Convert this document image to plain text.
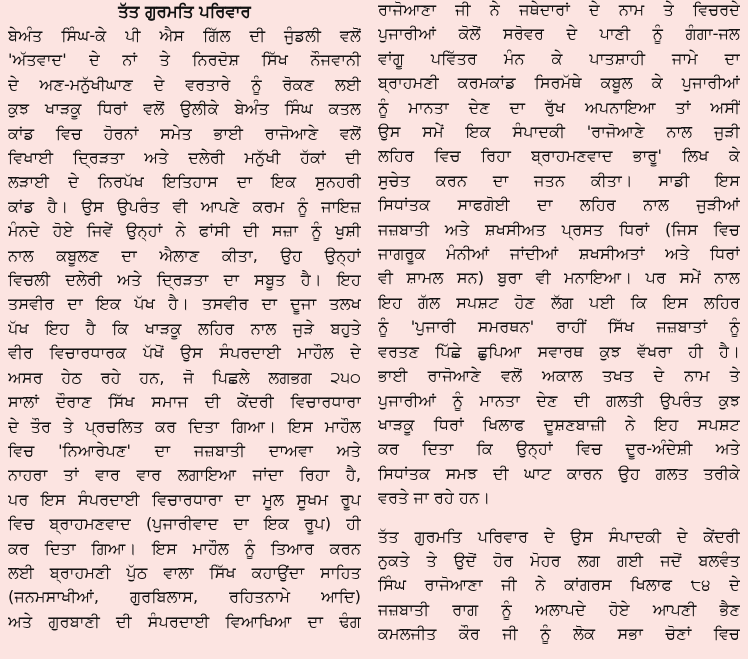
ਤੱਤ ਗੁਰਮਤਿ ਪਰਿਵਾਰ
ਬੇਅੰਤ ਸਿੰਘ-ਕੇ ਪੀ ਐਸ ਗਿੱਲ ਦੀ ਜੁੰਡਲੀ ਵਲੋਂ
'ਅੱਤਵਾਦ' ਦੇ ਨਾਂ ਤੇ ਨਿਰਦੋਸ਼ ਸਿੱਖ ਨੌਜਵਾਨੀ
ਦੇ ਅਣ-ਮਨੁੱਖੀਘਾਣ ਦੇ ਵਰਤਾਰੇ ਨੂੰ ਰੋਕਣ ਲਈ
ਕੁਝ ਖਾੜਕੂ ਧਿਰਾਂ ਵਲੋਂ ਉਲੀਕੇ ਬੇਅੰਤ ਸਿੰਘ ਕਤਲ
ਕਾਂਡ ਵਿਚ ਹੋਰਨਾਂ ਸਮੇਤ ਭਾਈ ਰਾਜੋਆਣੇ ਵਲੋਂ
ਵਿਖਾਈ ਦ੍ਰਿੜਤਾ ਅਤੇ ਦਲੇਰੀ ਮਨੁੱਖੀ ਹੱਕਾਂ ਦੀ
ਲੜਾਈ ਦੇ ਨਿਰਪੱਖ ਇਤਿਹਾਸ ਦਾ ਇਕ ਸੁਨਹਰੀ
ਕਾਂਡ ਹੈ। ਉਸ ਉਪਰੰਤ ਵੀ ਆਪਣੇ ਕਰਮ ਨੂੰ ਜਾਇਜ਼
ਮੰਨਦੇ ਹੋਏ ਜਿਵੇਂ ਉਨ੍ਹਾਂ ਨੇ ਫਾਂਸੀ ਦੀ ਸਜ਼ਾ ਨੂੰ ਖੁਸ਼ੀ
ਨਾਲ ਕਬੂਲਣ ਦਾ ਐਲਾਣ ਕੀਤਾ, ਉਹ ਉਨ੍ਹਾਂ
ਵਿਚਲੀ ਦਲੇਰੀ ਅਤੇ ਦ੍ਰਿੜਤਾ ਦਾ ਸਬੂਤ ਹੈ। ਇਹ
ਤਸਵੀਰ ਦਾ ਇਕ ਪੱਖ ਹੈ। ਤਸਵੀਰ ਦਾ ਦੂਜਾ ਤਲਖ
ਪੱਖ ਇਹ ਹੈ ਕਿ ਖਾੜਕੂ ਲਹਿਰ ਨਾਲ ਜੁੜੇ ਬਹੁਤੇ
ਵੀਰ ਵਿਚਾਰਧਾਰਕ ਪੱਖੋਂ ਉਸ ਸੰਪਰਦਾਈ ਮਾਹੌਲ ਦੇ
ਅਸਰ ਹੇਠ ਰਹੇ ਹਨ, ਜੋ ਪਿਛਲੇ ਲਗਭਗ ੨੫੦
ਸਾਲਾਂ ਦੌਰਾਣ ਸਿੱਖ ਸਮਾਜ ਦੀ ਕੇਂਦਰੀ ਵਿਚਾਰਧਾਰਾ
ਦੇ ਤੌਰ ਤੇ ਪ੍ਰਚਲਿਤ ਕਰ ਦਿਤਾ ਗਿਆ। ਇਸ ਮਾਹੌਲ
ਵਿਚ 'ਨਿਆਰੇਪਣ' ਦਾ ਜਜ਼ਬਾਤੀ ਦਾਅਵਾ ਅਤੇ
ਨਾਹਰਾ ਤਾਂ ਵਾਰ ਵਾਰ ਲਗਾਇਆ ਜਾਂਦਾ ਰਿਹਾ ਹੈ,
ਪਰ ਇਸ ਸੰਪਰਦਾਈ ਵਿਚਾਰਧਾਰਾ ਦਾ ਮੂਲ ਸੂਖਮ ਰੂਪ
ਵਿਚ ਬ੍ਰਾਹਮਣਵਾਦ (ਪੁਜਾਰੀਵਾਦ ਦਾ ਇਕ ਰੂਪ) ਹੀ
ਕਰ ਦਿਤਾ ਗਿਆ। ਇਸ ਮਾਹੌਲ ਨੂੰ ਤਿਆਰ ਕਰਨ
ਲਈ ਬ੍ਰਾਹਮਣੀ ਪੁੱਠ ਵਾਲਾ ਸਿੱਖ ਕਹਾਉਂਦਾ ਸਾਹਿਤ
(ਜਨਮਸਾਖੀਆਂ, ਗੁਰਬਿਲਾਸ, ਰਹਿਤਨਾਮੇ ਆਦਿ)
ਅਤੇ ਗੁਰਬਾਣੀ ਦੀ ਸੰਪਰਦਾਈ ਵਿਆਖਿਆ ਦਾ ਢੰਗ
ਰਾਜੋਆਣਾ ਜੀ ਨੇ ਜਥੇਦਾਰਾਂ ਦੇ ਨਾਮ ਤੇ ਵਿਚਰਦੇ
ਪੁਜਾਰੀਆਂ ਕੋਲੋਂ ਸਰੋਵਰ ਦੇ ਪਾਣੀ ਨੂੰ ਗੰਗਾ-ਜਲ
ਵਾਂਗੂ ਪਵਿੱਤਰ ਮੰਨ ਕੇ ਪਾਤਸ਼ਾਹੀ ਜਾਮੇ ਦਾ
ਬ੍ਰਾਹਮਣੀ ਕਰਮਕਾਂਡ ਸਿਰਮੱਥੇ ਕਬੂਲ ਕੇ ਪੁਜਾਰੀਆਂ
ਨੂੰ ਮਾਨਤਾ ਦੇਣ ਦਾ ਰੁੱਖ ਅਪਨਾਇਆ ਤਾਂ ਅਸੀਂ
ਉਸ ਸਮੇਂ ਇਕ ਸੰਪਾਦਕੀ 'ਰਾਜੋਆਣੇ ਨਾਲ ਜੁੜੀ
ਲਹਿਰ ਵਿਚ ਰਿਹਾ ਬ੍ਰਾਹਮਣਵਾਦ ਭਾਰੂ' ਲਿਖ ਕੇ
ਸੁਚੇਤ ਕਰਨ ਦਾ ਜਤਨ ਕੀਤਾ। ਸਾਡੀ ਇਸ
ਸਿਧਾਂਤਕ ਸਾਫਗੋਈ ਦਾ ਲਹਿਰ ਨਾਲ ਜੁੜੀਆਂ
ਜਜ਼ਬਾਤੀ ਅਤੇ ਸ਼ਖਸੀਅਤ ਪ੍ਰਸਤ ਧਿਰਾਂ (ਜਿਸ ਵਿਚ
ਜਾਗਰੂਕ ਮੰਨੀਆਂ ਜਾਂਦੀਆਂ ਸ਼ਖਸੀਅਤਾਂ ਅਤੇ ਧਿਰਾਂ
ਵੀ ਸ਼ਾਮਲ ਸਨ) ਬੁਰਾ ਵੀ ਮਨਾਇਆ। ਪਰ ਸਮੇਂ ਨਾਲ
ਇਹ ਗੱਲ ਸਪਸ਼ਟ ਹੋਣ ਲੱਗ ਪਈ ਕਿ ਇਸ ਲਹਿਰ
ਨੂੰ 'ਪੁਜਾਰੀ ਸਮਰਥਨ' ਰਾਹੀਂ ਸਿੱਖ ਜਜ਼ਬਾਤਾਂ ਨੂੰ
ਵਰਤਣ ਪਿੱਛੇ ਛੁਪਿਆ ਸਵਾਰਥ ਕੁਝ ਵੱਖਰਾ ਹੀ ਹੈ।
ਭਾਈ ਰਾਜੋਆਣੇ ਵਲੋਂ ਅਕਾਲ ਤਖਤ ਦੇ ਨਾਮ ਤੇ
ਪੁਜਾਰੀਆਂ ਨੂੰ ਮਾਨਤਾ ਦੇਣ ਦੀ ਗਲਤੀ ਉਪਰੰਤ ਕੁਝ
ਖਾੜਕੂ ਧਿਰਾਂ ਖਿਲਾਫ ਦੂਸ਼ਣਬਾਜ਼ੀ ਨੇ ਇਹ ਸਪਸ਼ਟ
ਕਰ ਦਿਤਾ ਕਿ ਉਨ੍ਹਾਂ ਵਿਚ ਦੂਰ-ਅੰਦੇਸ਼ੀ ਅਤੇ
ਸਿਧਾਂਤਕ ਸਮਝ ਦੀ ਘਾਟ ਕਾਰਨ ਉਹ ਗਲਤ ਤਰੀਕੇ
ਵਰਤੇ ਜਾ ਰਹੇ ਹਨ।
ਤੱਤ ਗੁਰਮਤਿ ਪਰਿਵਾਰ ਦੇ ਉਸ ਸੰਪਾਦਕੀ ਦੇ ਕੇਂਦਰੀ
ਨੁਕਤੇ ਤੇ ਉਦੋਂ ਹੋਰ ਮੋਹਰ ਲਗ ਗਈ ਜਦੋਂ ਬਲਵੰਤ
ਸਿੰਘ ਰਾਜੋਆਣਾ ਜੀ ਨੇ ਕਾਂਗਰਸ ਖਿਲਾਫ ੮੪ ਦੇ
ਜਜ਼ਬਾਤੀ ਰਾਗ ਨੂੰ ਅਲਾਪਦੇ ਹੋਏ ਆਪਣੀ ਭੈਣ
ਕਮਲਜੀਤ ਕੌਰ ਜੀ ਨੂੰ ਲੋਕ ਸਭਾ ਚੋਣਾਂ ਵਿਚ
